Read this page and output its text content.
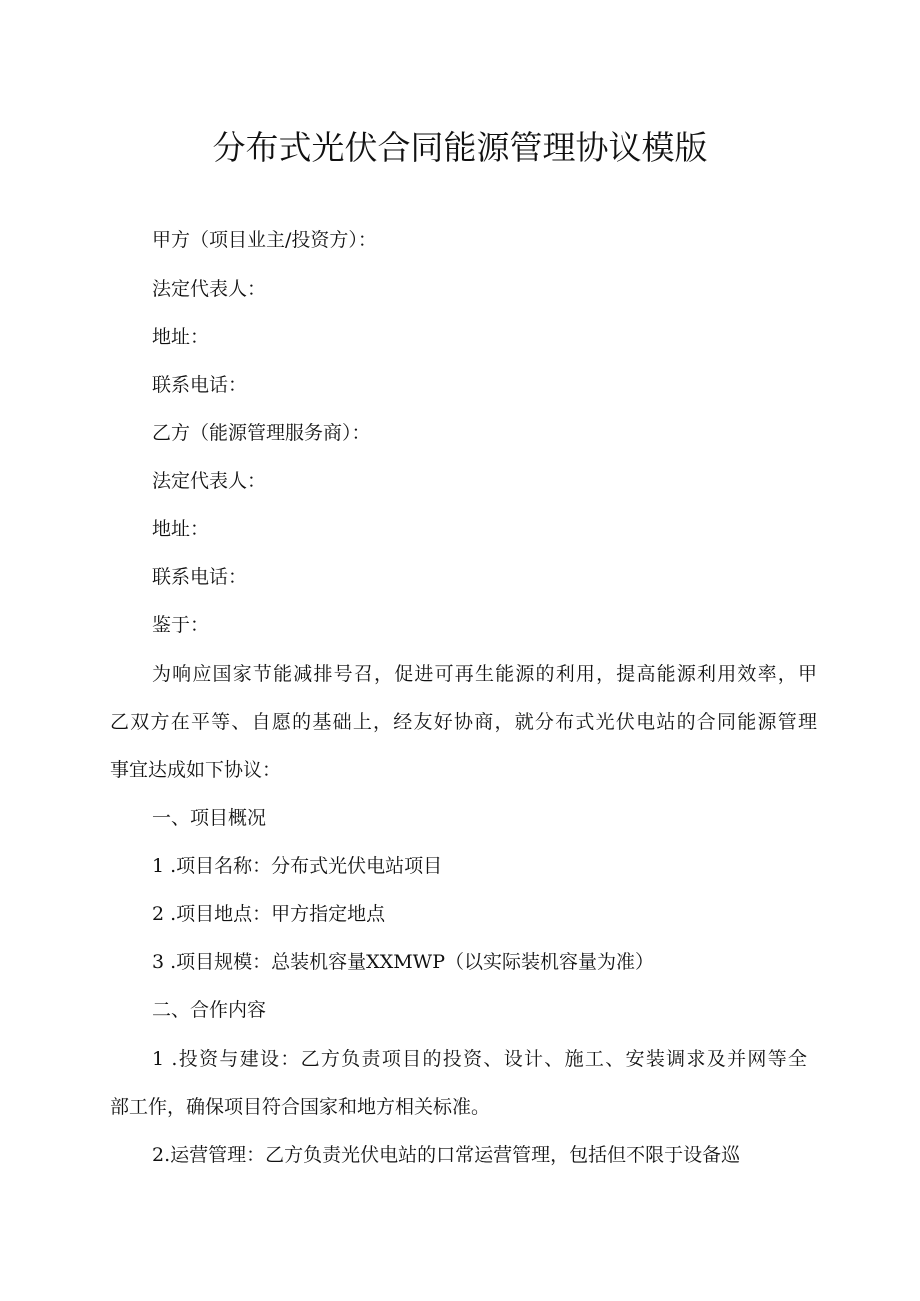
分布式光伏合同能源管理协议模版
甲方（项目业主/投资方）：
法定代表人：
地址：
联系电话：
乙方（能源管理服务商）：
法定代表人：
地址：
联系电话：
鉴于：
为响应国家节能减排号召，促进可再生能源的利用，提高能源利用效率，甲
乙双方在平等、自愿的基础上，经友好协商，就分布式光伏电站的合同能源管理
事宜达成如下协议：
一、项目概况
1 .项目名称：分布式光伏电站项目
2 .项目地点：甲方指定地点
3 .项目规模：总装机容量XXMWP（以实际装机容量为准）
二、合作内容
1 .投资与建设：乙方负责项目的投资、设计、施工、安装调求及并网等全
部工作，确保项目符合国家和地方相关标准。
2.运营管理：乙方负责光伏电站的口常运营管理，包括但不限于设备巡
